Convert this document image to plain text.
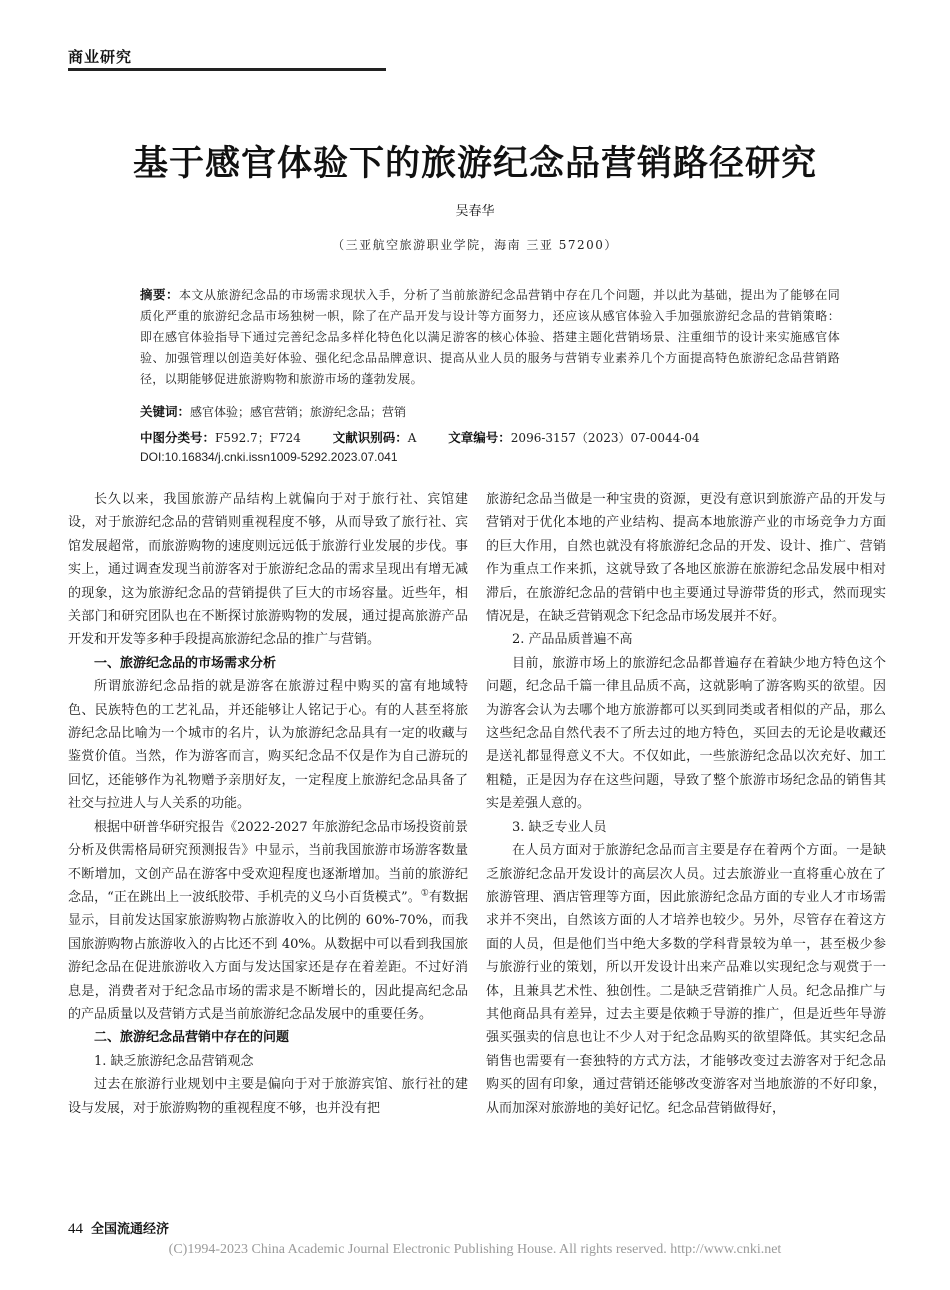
商业研究
基于感官体验下的旅游纪念品营销路径研究
吴春华
（三亚航空旅游职业学院，海南 三亚 57200）
摘要：本文从旅游纪念品的市场需求现状入手，分析了当前旅游纪念品营销中存在几个问题，并以此为基础，提出为了能够在同质化严重的旅游纪念品市场独树一帜，除了在产品开发与设计等方面努力，还应该从感官体验入手加强旅游纪念品的营销策略：即在感官体验指导下通过完善纪念品多样化特色化以满足游客的核心体验、搭建主题化营销场景、注重细节的设计来实施感官体验、加强管理以创造美好体验、强化纪念品品牌意识、提高从业人员的服务与营销专业素养几个方面提高特色旅游纪念品营销路径，以期能够促进旅游购物和旅游市场的蓬勃发展。
关键词：感官体验；感官营销；旅游纪念品；营销
中图分类号：F592.7；F724	文献识别码：A	文章编号：2096-3157（2023）07-0044-04
DOI:10.16834/j.cnki.issn1009-5292.2023.07.041

长久以来，我国旅游产品结构上就偏向于对于旅行社、宾馆建设，对于旅游纪念品的营销则重视程度不够，从而导致了旅行社、宾馆发展超常，而旅游购物的速度则远远低于旅游行业发展的步伐。事实上，通过调查发现当前游客对于旅游纪念品的需求呈现出有增无减的现象，这为旅游纪念品的营销提供了巨大的市场容量。近些年，相关部门和研究团队也在不断探讨旅游购物的发展，通过提高旅游产品开发和开发等多种手段提高旅游纪念品的推广与营销。

一、旅游纪念品的市场需求分析

所谓旅游纪念品指的就是游客在旅游过程中购买的富有地域特色、民族特色的工艺礼品，并还能够让人铭记于心。有的人甚至将旅游纪念品比喻为一个城市的名片，认为旅游纪念品具有一定的收藏与鉴赏价值。当然，作为游客而言，购买纪念品不仅是作为自己游玩的回忆，还能够作为礼物赠予亲朋好友，一定程度上旅游纪念品具备了社交与拉进人与人关系的功能。

根据中研普华研究报告《2022-2027 年旅游纪念品市场投资前景分析及供需格局研究预测报告》中显示，当前我国旅游市场游客数量不断增加，文创产品在游客中受欢迎程度也逐渐增加。当前的旅游纪念品，“正在跳出上一波纸胶带、手机壳的义乌小百货模式”。①有数据显示，目前发达国家旅游购物占旅游收入的比例的 60%-70%，而我国旅游购物占旅游收入的占比还不到 40%。从数据中可以看到我国旅游纪念品在促进旅游收入方面与发达国家还是存在着差距。不过好消息是，消费者对于纪念品市场的需求是不断增长的，因此提高纪念品的产品质量以及营销方式是当前旅游纪念品发展中的重要任务。

二、旅游纪念品营销中存在的问题
1. 缺乏旅游纪念品营销观念

过去在旅游行业规划中主要是偏向于对于旅游宾馆、旅行社的建设与发展，对于旅游购物的重视程度不够，也并没有把

旅游纪念品当做是一种宝贵的资源，更没有意识到旅游产品的开发与营销对于优化本地的产业结构、提高本地旅游产业的市场竞争力方面的巨大作用，自然也就没有将旅游纪念品的开发、设计、推广、营销作为重点工作来抓，这就导致了各地区旅游在旅游纪念品发展中相对滞后，在旅游纪念品的营销中也主要通过导游带货的形式，然而现实情况是，在缺乏营销观念下纪念品市场发展并不好。

2. 产品品质普遍不高

目前，旅游市场上的旅游纪念品都普遍存在着缺少地方特色这个问题，纪念品千篇一律且品质不高，这就影响了游客购买的欲望。因为游客会认为去哪个地方旅游都可以买到同类或者相似的产品，那么这些纪念品自然代表不了所去过的地方特色，买回去的无论是收藏还是送礼都显得意义不大。不仅如此，一些旅游纪念品以次充好、加工粗糙，正是因为存在这些问题，导致了整个旅游市场纪念品的销售其实是差强人意的。

3. 缺乏专业人员

在人员方面对于旅游纪念品而言主要是存在着两个方面。一是缺乏旅游纪念品开发设计的高层次人员。过去旅游业一直将重心放在了旅游管理、酒店管理等方面，因此旅游纪念品方面的专业人才市场需求并不突出，自然该方面的人才培养也较少。另外，尽管存在着这方面的人员，但是他们当中绝大多数的学科背景较为单一，甚至极少参与旅游行业的策划，所以开发设计出来产品难以实现纪念与观赏于一体，且兼具艺术性、独创性。二是缺乏营销推广人员。纪念品推广与其他商品具有差异，过去主要是依赖于导游的推广，但是近些年导游强买强卖的信息也让不少人对于纪念品购买的欲望降低。其实纪念品销售也需要有一套独特的方式方法，才能够改变过去游客对于纪念品购买的固有印象，通过营销还能够改变游客对当地旅游的不好印象，从而加深对旅游地的美好记忆。纪念品营销做得好，

44 全国流通经济
(C)1994-2023 China Academic Journal Electronic Publishing House. All rights reserved. http://www.cnki.net
